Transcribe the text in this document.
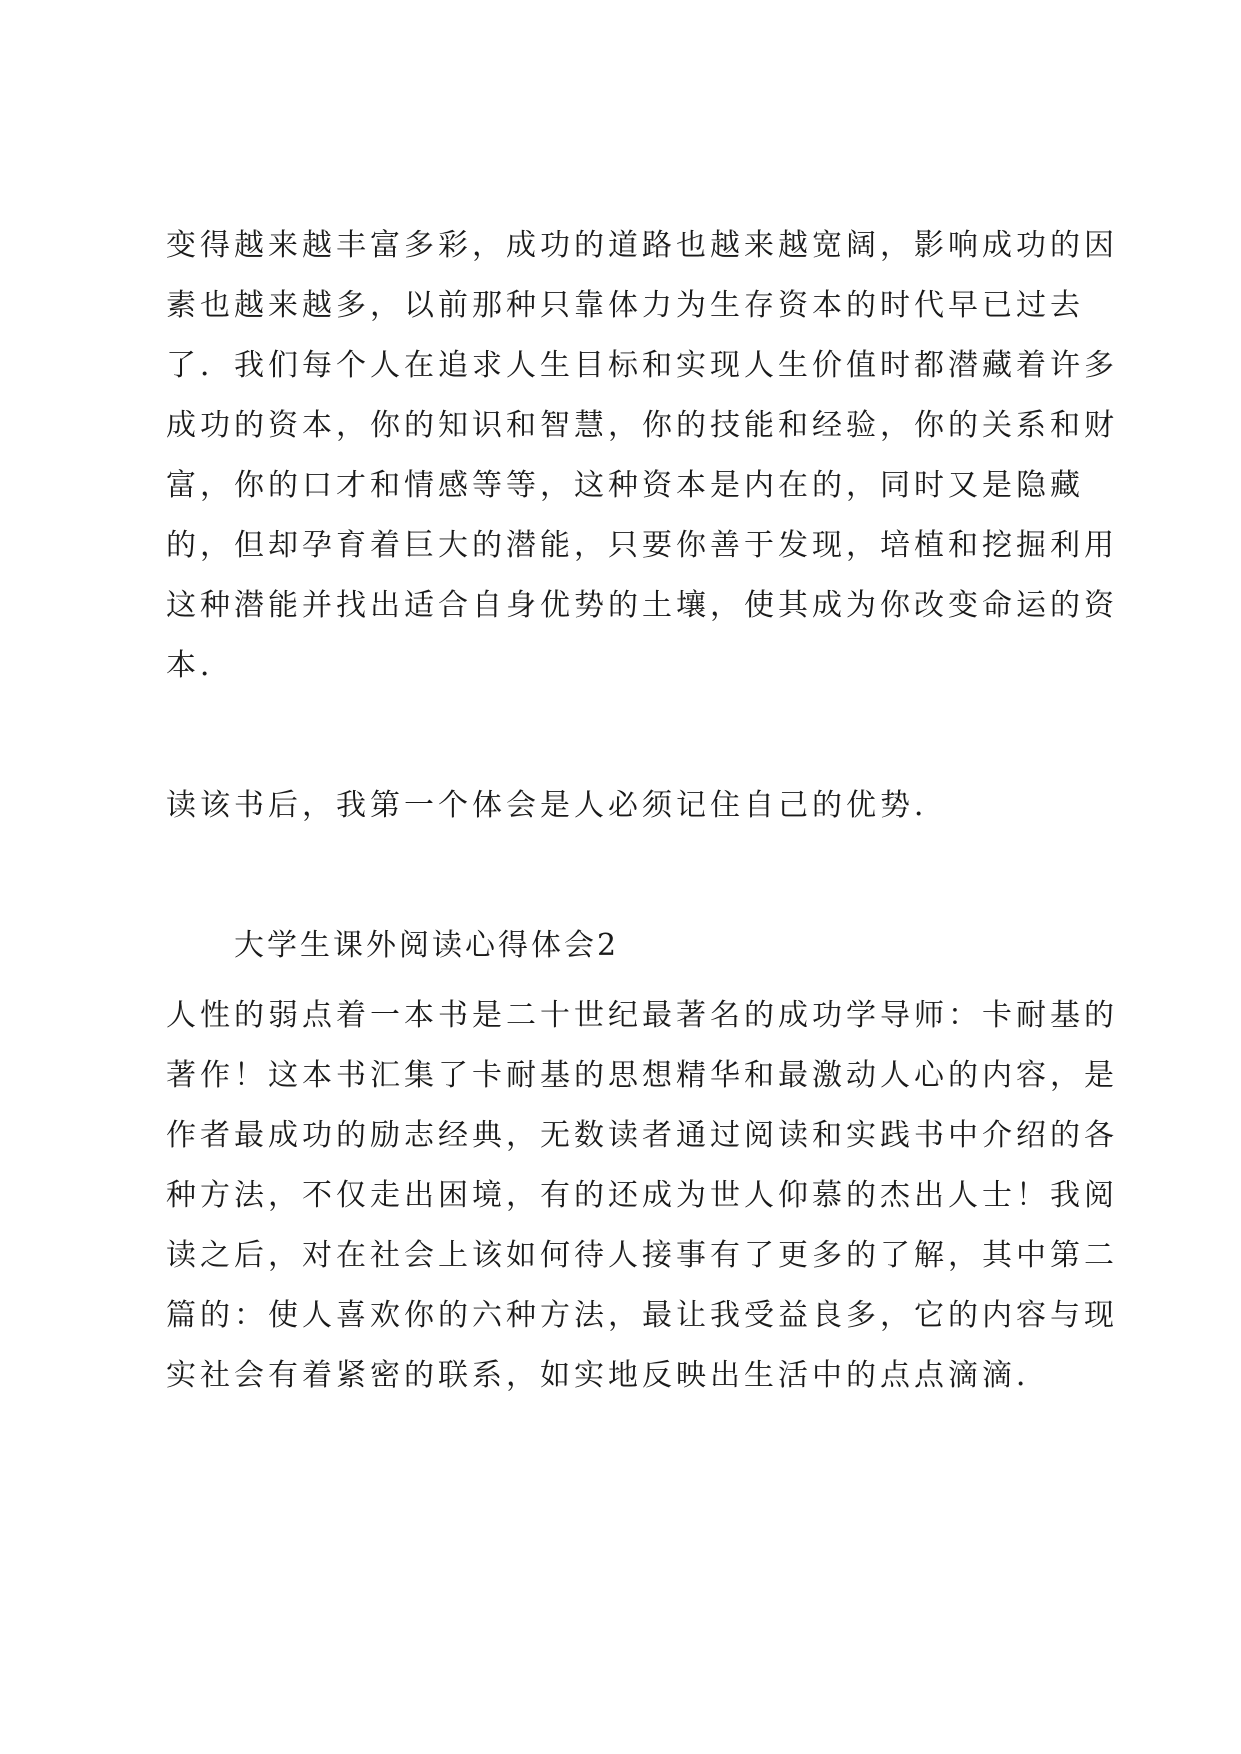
变得越来越丰富多彩，成功的道路也越来越宽阔，影响成功的因
素也越来越多，以前那种只靠体力为生存资本的时代早已过去
了．我们每个人在追求人生目标和实现人生价值时都潜藏着许多
成功的资本，你的知识和智慧，你的技能和经验，你的关系和财
富，你的口才和情感等等，这种资本是内在的，同时又是隐藏
的，但却孕育着巨大的潜能，只要你善于发现，培植和挖掘利用
这种潜能并找出适合自身优势的土壤，使其成为你改变命运的资
本．
读该书后，我第一个体会是人必须记住自己的优势．
大学生课外阅读心得体会2
人性的弱点着一本书是二十世纪最著名的成功学导师：卡耐基的
著作！这本书汇集了卡耐基的思想精华和最激动人心的内容，是
作者最成功的励志经典，无数读者通过阅读和实践书中介绍的各
种方法，不仅走出困境，有的还成为世人仰慕的杰出人士！我阅
读之后，对在社会上该如何待人接事有了更多的了解，其中第二
篇的：使人喜欢你的六种方法，最让我受益良多，它的内容与现
实社会有着紧密的联系，如实地反映出生活中的点点滴滴．
